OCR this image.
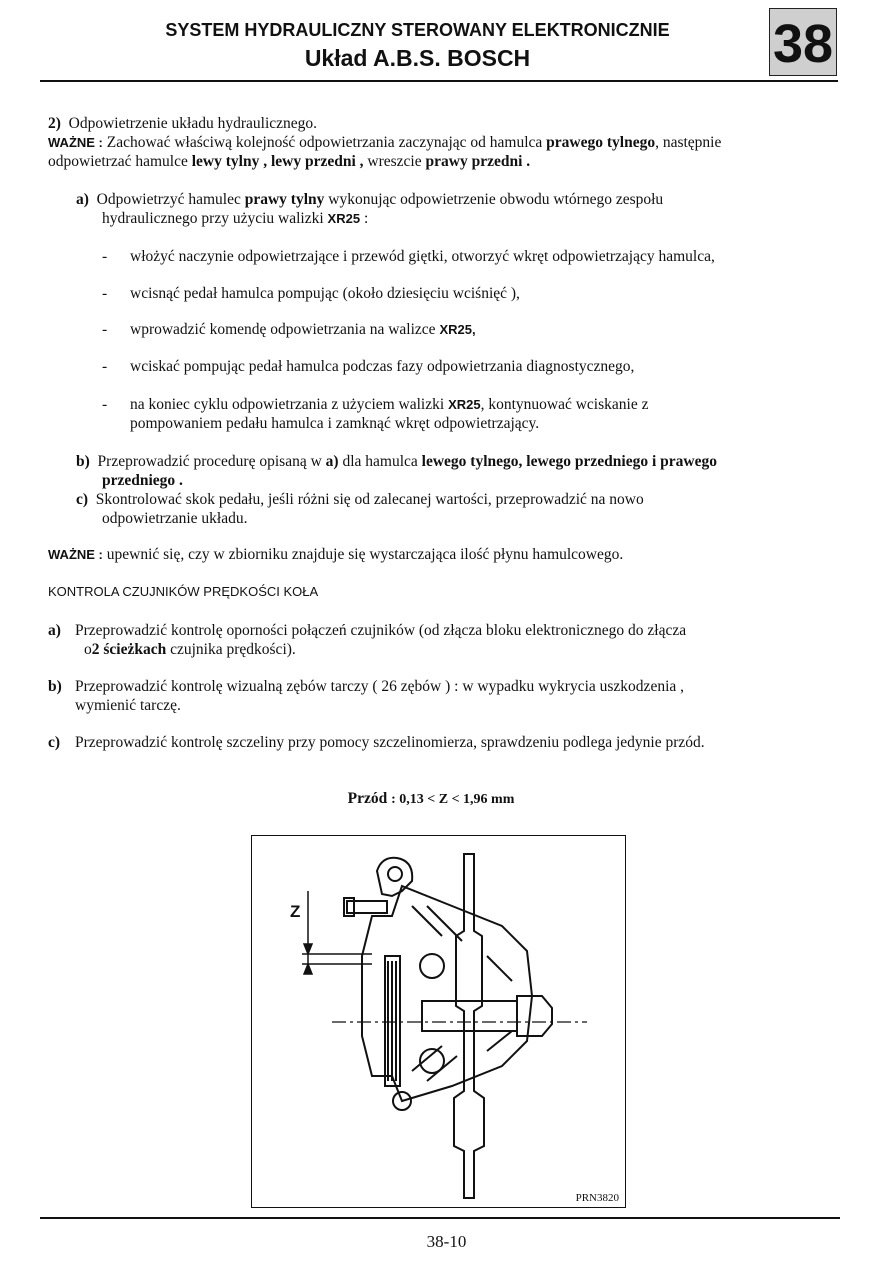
SYSTEM HYDRAULICZNY STEROWANY ELEKTRONICZNIE
Układ A.B.S. BOSCH	38
2) Odpowietrzenie układu hydraulicznego.
WAŻNE : Zachować właściwą kolejność odpowietrzania zaczynając od hamulca prawego tylnego, następnie
odpowietrzać hamulce lewy tylny , lewy przedni , wreszcie prawy przedni .
a) Odpowietrzyć hamulec prawy tylny wykonując odpowietrzenie obwodu wtórnego zespołu
hydraulicznego przy użyciu walizki XR25 :
- włożyć naczynie odpowietrzające i przewód giętki, otworzyć wkręt odpowietrzający hamulca,
- wcisnąć pedał hamulca pompując (około dziesięciu wciśnięć ),
- wprowadzić komendę odpowietrzania na walizce XR25,
- wciskać pompując pedał hamulca podczas fazy odpowietrzania diagnostycznego,
- na koniec cyklu odpowietrzania z użyciem walizki XR25, kontynuować wciskanie z
pompowaniem pedału hamulca i zamknąć wkręt odpowietrzający.
b) Przeprowadzić procedurę opisaną w a) dla hamulca lewego tylnego, lewego przedniego i prawego
przedniego .
c) Skontrolować skok pedału, jeśli różni się od zalecanej wartości, przeprowadzić na nowo
odpowietrzanie układu.
WAŻNE : upewnić się, czy w zbiorniku znajduje się wystarczająca ilość płynu hamulcowego.
KONTROLA CZUJNIKÓW PRĘDKOŚCI KOŁA
a) Przeprowadzić kontrolę oporności połączeń czujników (od złącza bloku elektronicznego do złącza
o2 ścieżkach czujnika prędkości).
b) Przeprowadzić kontrolę wizualną zębów tarczy ( 26 zębów ) : w wypadku wykrycia uszkodzenia ,
wymienić tarczę.
c) Przeprowadzić kontrolę szczeliny przy pomocy szczelinomierza, sprawdzeniu podlega jedynie przód.
Przód : 0,13 < Z < 1,96 mm
Z
PRN3820
38-10
